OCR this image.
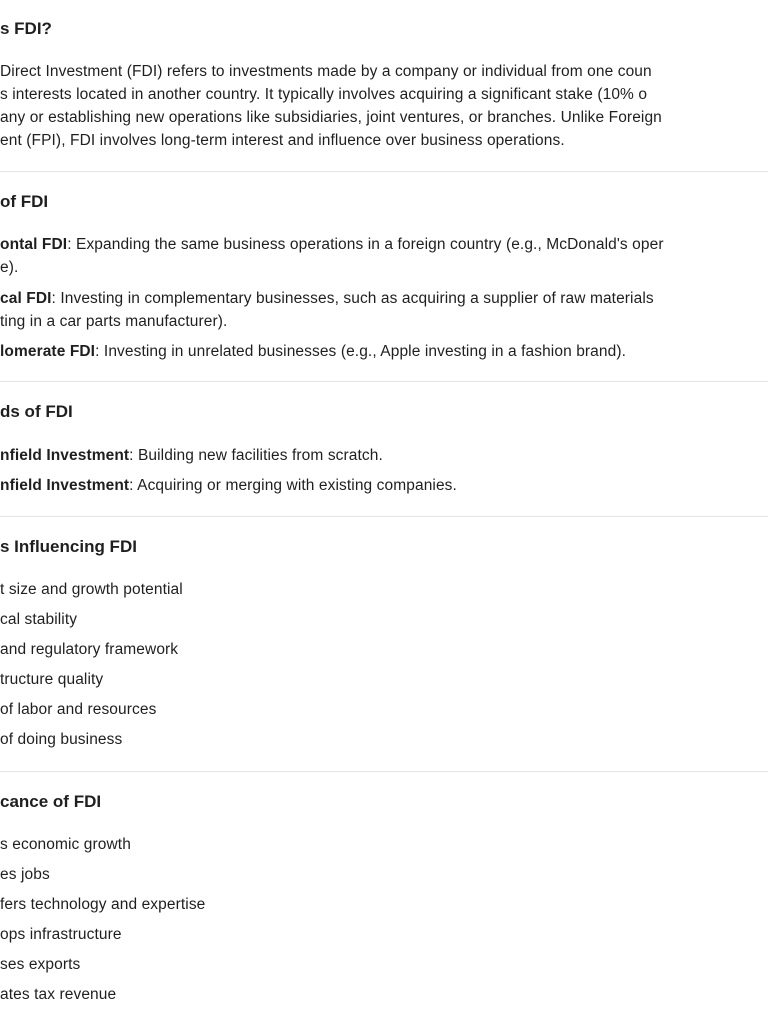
s FDI?

Direct Investment (FDI) refers to investments made by a company or individual from one coun

s interests located in another country. It typically involves acquiring a significant stake (10% o

any or establishing new operations like subsidiaries, joint ventures, or branches. Unlike Foreign

ent (FPI), FDI involves long-term interest and influence over business operations.

of FDI

ontal FDI: Expanding the same business operations in a foreign country (e.g., McDonald's oper

e).

cal FDI: Investing in complementary businesses, such as acquiring a supplier of raw materials

ting in a car parts manufacturer).

lomerate FDI: Investing in unrelated businesses (e.g., Apple investing in a fashion brand).

ds of FDI

nfield Investment: Building new facilities from scratch.

nfield Investment: Acquiring or merging with existing companies.

s Influencing FDI

t size and growth potential

cal stability

and regulatory framework

tructure quality

of labor and resources

of doing business

cance of FDI

s economic growth

es jobs

fers technology and expertise

ops infrastructure

ses exports

ates tax revenue
